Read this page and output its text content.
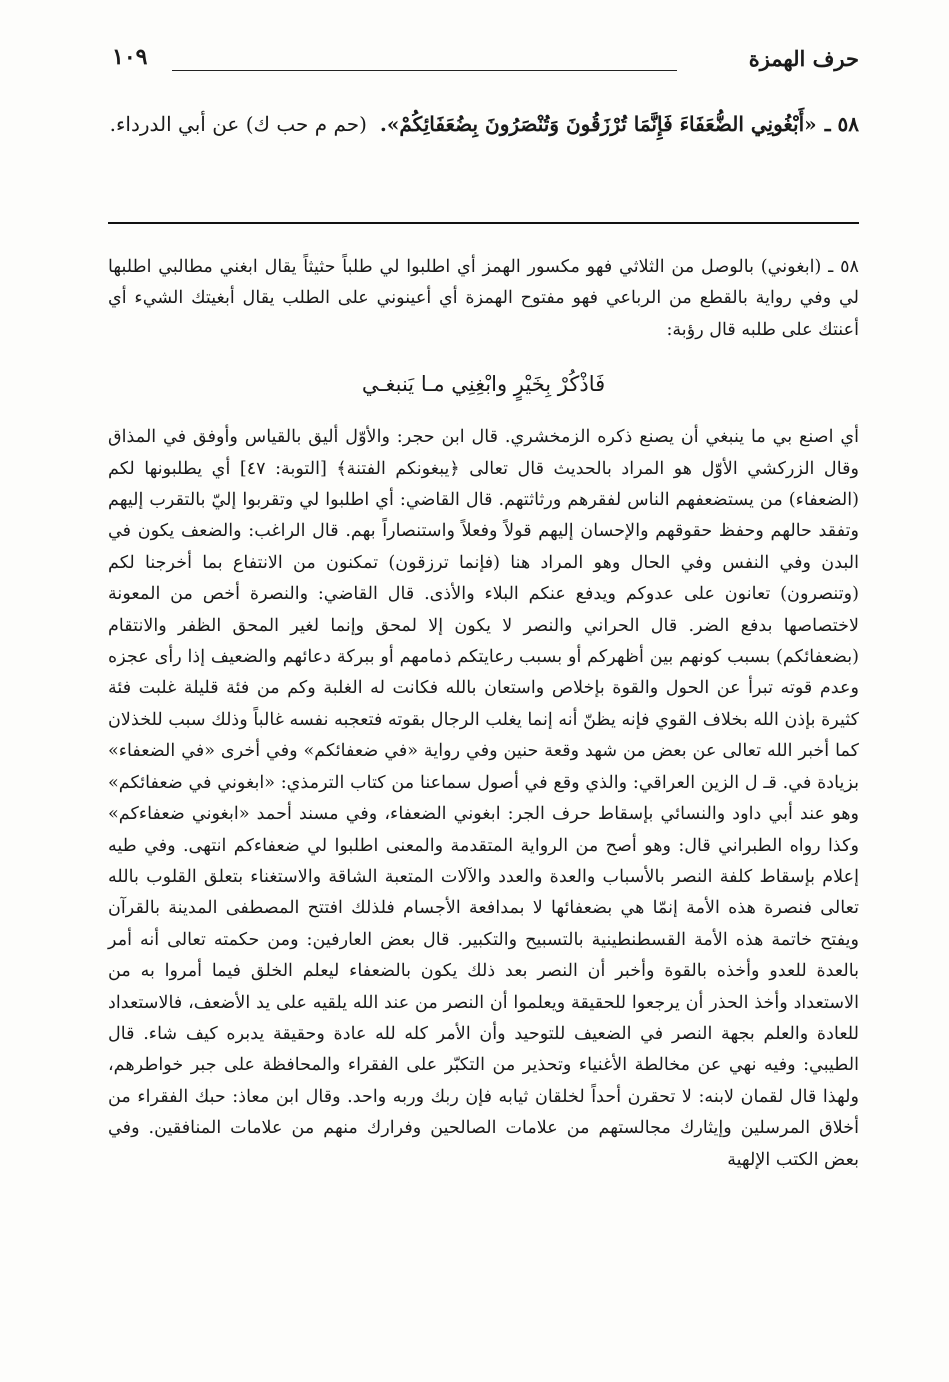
حرف الهمزة
١٠٩
٥٨ ـ«أَبْغُونِي الضُّعَفَاءَ فَإِنَّمَا تُرْزَقُونَ وَتُنْصَرُونَ بِضُعَفَائِكُمْ». (حم م حب ك) عن أبي الدرداء.

٥٨ ـ (ابغوني) بالوصل من الثلاثي فهو مكسور الهمز أي اطلبوا لي طلباً حثيثاً يقال ابغني مطالبي اطلبها لي وفي رواية بالقطع من الرباعي فهو مفتوح الهمزة أي أعينوني على الطلب يقال أبغيتك الشيء أي أعنتك على طلبه قال رؤبة:

فَاذْكُرْ بِخَيْرٍ وابْغِنِي مـا يَنبغـي

أي اصنع بي ما ينبغي أن يصنع ذكره الزمخشري. قال ابن حجر: والأوّل أليق بالقياس وأوفق في المذاق وقال الزركشي الأوّل هو المراد بالحديث قال تعالى ﴿يبغونكم الفتنة﴾ [التوبة: ٤٧] أي يطلبونها لكم (الضعفاء) من يستضعفهم الناس لفقرهم ورثاثتهم. قال القاضي: أي اطلبوا لي وتقربوا إليّ بالتقرب إليهم وتفقد حالهم وحفظ حقوقهم والإحسان إليهم قولاً وفعلاً واستنصاراً بهم. قال الراغب: والضعف يكون في البدن وفي النفس وفي الحال وهو المراد هنا (فإنما ترزقون) تمكنون من الانتفاع بما أخرجنا لكم (وتنصرون) تعانون على عدوكم ويدفع عنكم البلاء والأذى. قال القاضي: والنصرة أخص من المعونة لاختصاصها بدفع الضر. قال الحراني والنصر لا يكون إلا لمحق وإنما لغير المحق الظفر والانتقام (بضعفائكم) بسبب كونهم بين أظهركم أو بسبب رعايتكم ذمامهم أو ببركة دعائهم والضعيف إذا رأى عجزه وعدم قوته تبرأ عن الحول والقوة بإخلاص واستعان بالله فكانت له الغلبة وكم من فئة قليلة غلبت فئة كثيرة بإذن الله بخلاف القوي فإنه يظنّ أنه إنما يغلب الرجال بقوته فتعجبه نفسه غالباً وذلك سبب للخذلان كما أخبر الله تعالى عن بعض من شهد وقعة حنين وفي رواية «في ضعفائكم» وفي أخرى «في الضعفاء» بزيادة في. قـ ل الزين العراقي: والذي وقع في أصول سماعنا من كتاب الترمذي: «ابغوني في ضعفائكم» وهو عند أبي داود والنسائي بإسقاط حرف الجر: ابغوني الضعفاء، وفي مسند أحمد «ابغوني ضعفاءكم» وكذا رواه الطبراني قال: وهو أصح من الرواية المتقدمة والمعنى اطلبوا لي ضعفاءكم انتهى. وفي طيه إعلام بإسقاط كلفة النصر بالأسباب والعدة والعدد والآلات المتعبة الشاقة والاستغناء بتعلق القلوب بالله تعالى فنصرة هذه الأمة إنمّا هي بضعفائها لا بمدافعة الأجسام فلذلك افتتح المصطفى المدينة بالقرآن ويفتح خاتمة هذه الأمة القسطنطينية بالتسبيح والتكبير. قال بعض العارفين: ومن حكمته تعالى أنه أمر بالعدة للعدو وأخذه بالقوة وأخبر أن النصر بعد ذلك يكون بالضعفاء ليعلم الخلق فيما أمروا به من الاستعداد وأخذ الحذر أن يرجعوا للحقيقة ويعلموا أن النصر من عند الله يلقيه على يد الأضعف، فالاستعداد للعادة والعلم بجهة النصر في الضعيف للتوحيد وأن الأمر كله لله عادة وحقيقة يدبره كيف شاء. قال الطيبي: وفيه نهي عن مخالطة الأغنياء وتحذير من التكبّر على الفقراء والمحافظة على جبر خواطرهم، ولهذا قال لقمان لابنه: لا تحقرن أحداً لخلقان ثيابه فإن ربك وربه واحد. وقال ابن معاذ: حبك الفقراء من أخلاق المرسلين وإيثارك مجالستهم من علامات الصالحين وفرارك منهم من علامات المنافقين. وفي بعض الكتب الإلهية
